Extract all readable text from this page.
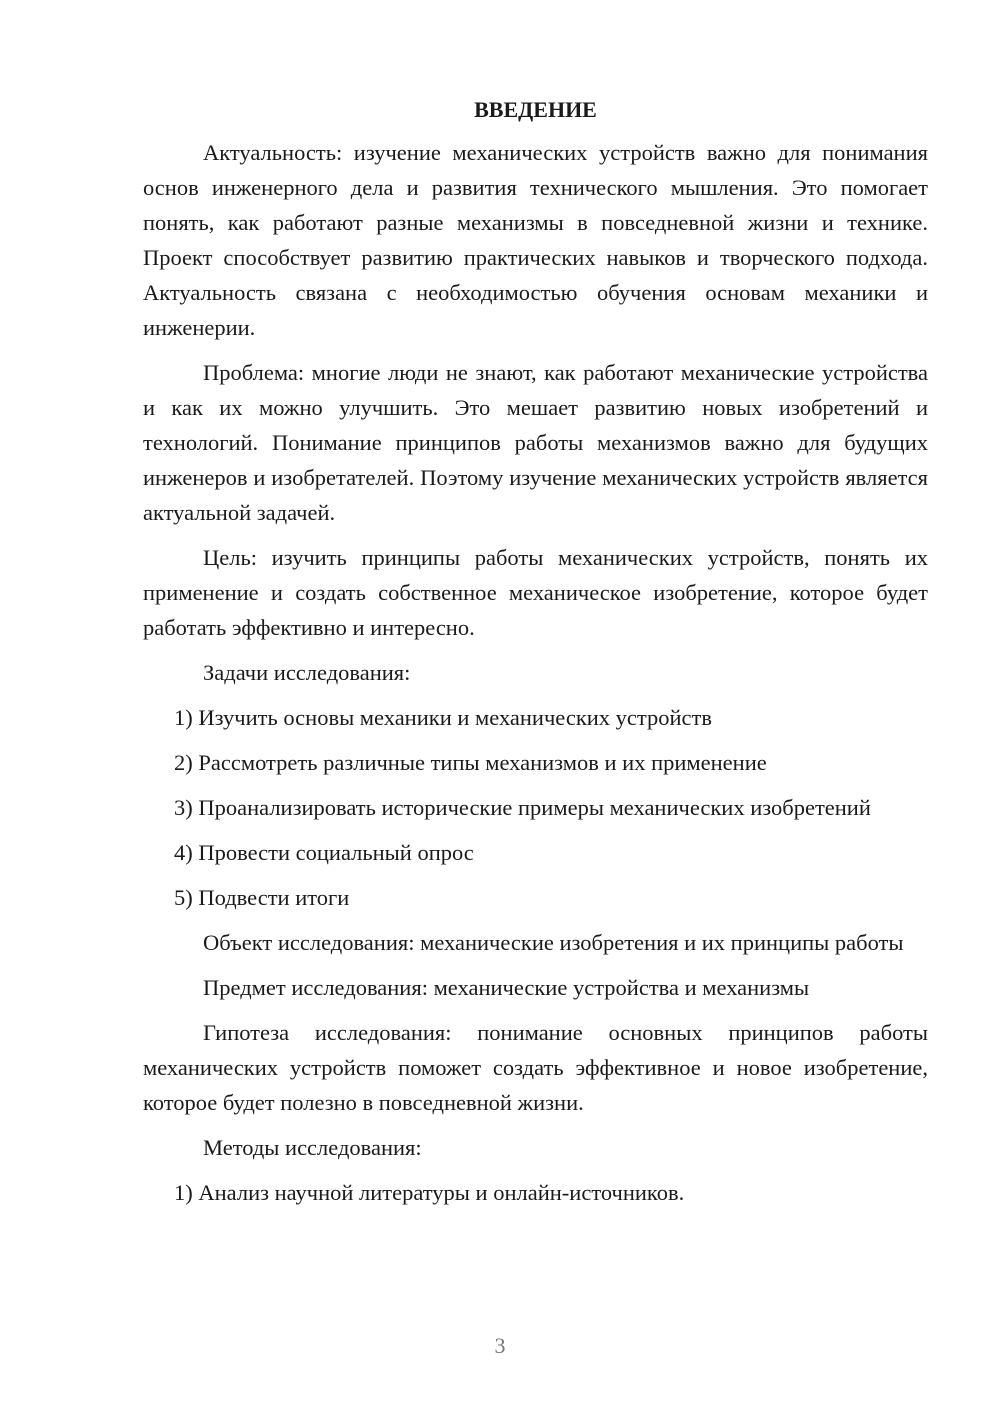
ВВЕДЕНИЕ

Актуальность: изучение механических устройств важно для понимания основ инженерного дела и развития технического мышления. Это помогает понять, как работают разные механизмы в повседневной жизни и технике. Проект способствует развитию практических навыков и творческого подхода. Актуальность связана с необходимостью обучения основам механики и инженерии.

Проблема: многие люди не знают, как работают механические устройства и как их можно улучшить. Это мешает развитию новых изобретений и технологий. Понимание принципов работы механизмов важно для будущих инженеров и изобретателей. Поэтому изучение механических устройств является актуальной задачей.

Цель: изучить принципы работы механических устройств, понять их применение и создать собственное механическое изобретение, которое будет работать эффективно и интересно.

Задачи исследования:

1) Изучить основы механики и механических устройств

2) Рассмотреть различные типы механизмов и их применение

3) Проанализировать исторические примеры механических изобретений

4) Провести социальный опрос

5) Подвести итоги

Объект исследования: механические изобретения и их принципы работы

Предмет исследования: механические устройства и механизмы

Гипотеза исследования: понимание основных принципов работы механических устройств поможет создать эффективное и новое изобретение, которое будет полезно в повседневной жизни.

Методы исследования:

1) Анализ научной литературы и онлайн-источников.

3
